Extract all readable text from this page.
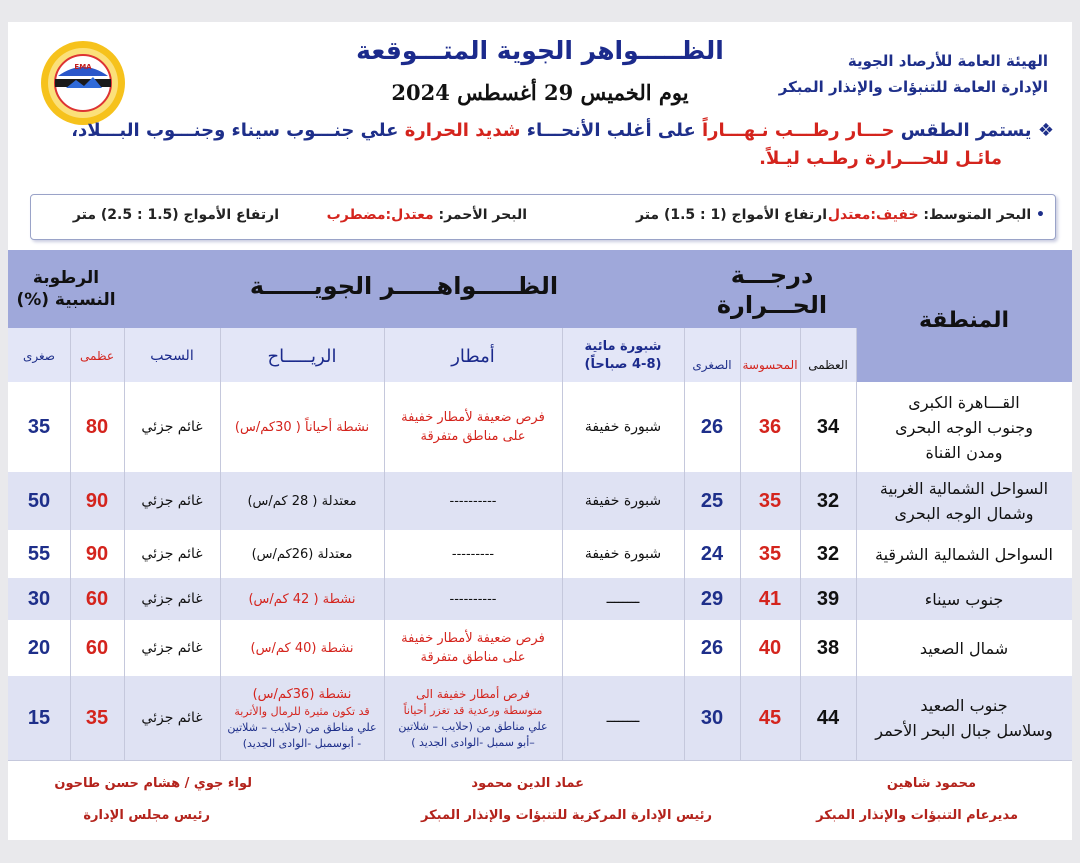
الهيئة العامة للأرصاد الجوية
الإدارة العامة للتنبؤات والإنذار المبكر
الظـــــواهر الجوية المتـــوقعة
يوم الخميس 29 أغسطس 2024
EMA
❖ يستمر الطقس حـــار رطـــب نـهـــاراً على أغلب الأنحـــاء شديد الحرارة علي جنـــوب سيناء وجنـــوب البـــلاد،
مائـل للحـــرارة رطـب ليـلاً.
• البحر المتوسط: خفيف:معتدل
ارتفاع الأمواج (1 : 1.5) متر
البحر الأحمر: معتدل:مضطرب
ارتفاع الأمواج (1.5 : 2.5) متر
المنطقة
درجـــة
الحـــرارة
الظـــــواهـــــر الجويــــــة
الرطوبة
النسبية (%)
العظمى
المحسوسة
الصغرى
شبورة مائية
(4-8 صباحاً)
أمطار
الريـــــاح
السحب
عظمى
صغرى
القـــاهرة الكبرى
وجنوب الوجه البحرى
ومدن القناة
34
36
26
شبورة خفيفة
فرص ضعيفة لأمطار خفيفة
على مناطق متفرقة
نشطة أحياناً ( 30كم/س)
غائم جزئي
80
35
السواحل الشمالية الغربية
وشمال الوجه البحرى
32
35
25
شبورة خفيفة
----------
معتدلة ( 28 كم/س)
غائم جزئي
90
50
السواحل الشمالية الشرقية
32
35
24
شبورة خفيفة
---------
معتدلة (26كم/س)
غائم جزئي
90
55
جنوب سيناء
39
41
29
ــــــــ
----------
نشطة ( 42 كم/س)
غائم جزئي
60
30
شمال الصعيد
38
40
26
فرص ضعيفة لأمطار خفيفة
على مناطق متفرقة
نشطة (40 كم/س)
غائم جزئي
60
20
جنوب الصعيد
وسلاسل جبال البحر الأحمر
44
45
30
ــــــــ
فرص أمطار خفيفة الى
متوسطة ورعدية قد تغزر أحياناً
علي مناطق من (حلايب – شلاتين
–أبو سمبل -الوادى الجديد )
نشطة (36كم/س)
قد تكون مثيرة للرمال والأتربة
علي مناطق من (حلايب – شلاتين
- أبوسمبل -الوادى الجديد)
غائم جزئي
35
15
محمود شاهين
مديرعام التنبؤات والإنذار المبكر
عماد الدين محمود
رئيس الإدارة المركزية للتنبؤات والإنذار المبكر
لواء جوي / هشام حسن طاحون
رئيس مجلس الإدارة
